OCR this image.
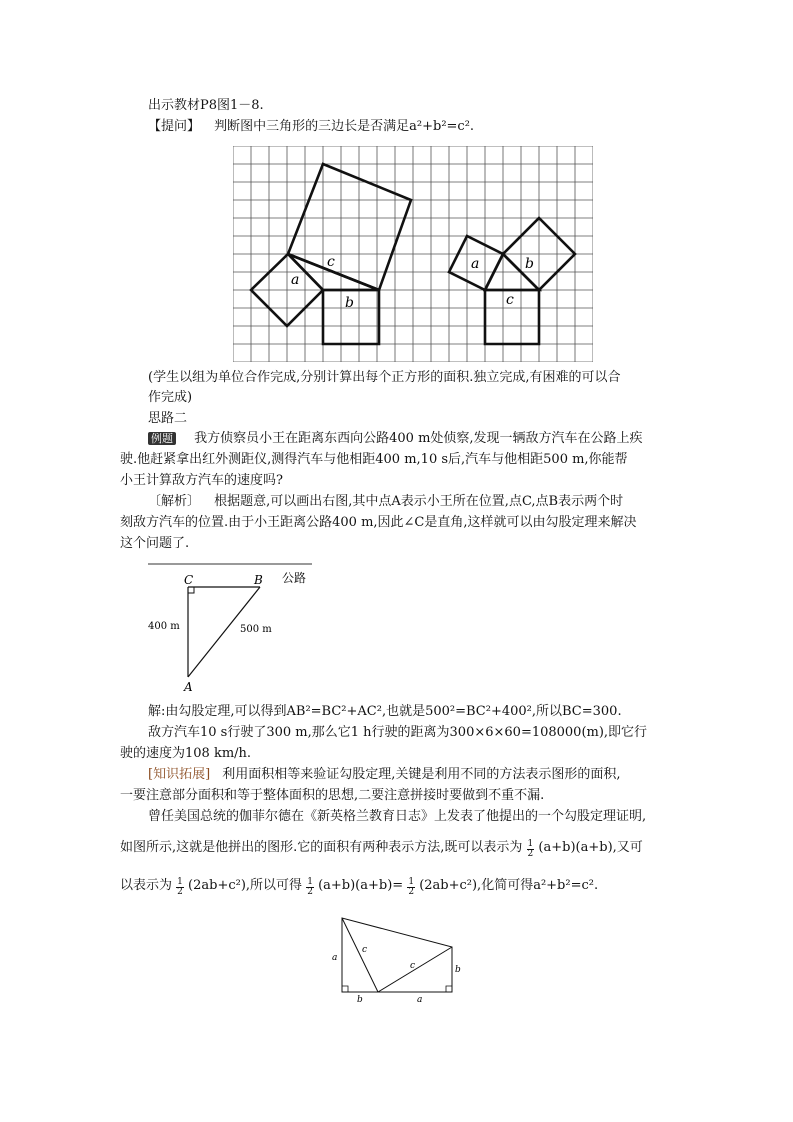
出示教材P8图1－8.
【提问】 判断图中三角形的三边长是否满足a²+b²=c².
a
b
c	a	b
c
(学生以组为单位合作完成,分别计算出每个正方形的面积.独立完成,有困难的可以合
作完成)
思路二
例题 我方侦察员小王在距离东西向公路400 m处侦察,发现一辆敌方汽车在公路上疾
驶.他赶紧拿出红外测距仪,测得汽车与他相距400 m,10 s后,汽车与他相距500 m,你能帮
小王计算敌方汽车的速度吗?
〔解析〕 根据题意,可以画出右图,其中点A表示小王所在位置,点C,点B表示两个时
刻敌方汽车的位置.由于小王距离公路400 m,因此∠C是直角,这样就可以由勾股定理来解决
这个问题了.
C	B 公路
400 m	500 m
A
解:由勾股定理,可以得到AB²=BC²+AC²,也就是500²=BC²+400²,所以BC=300.
敌方汽车10 s行驶了300 m,那么它1 h行驶的距离为300×6×60=108000(m),即它行
驶的速度为108 km/h.
[知识拓展] 利用面积相等来验证勾股定理,关键是利用不同的方法表示图形的面积,
一要注意部分面积和等于整体面积的思想,二要注意拼接时要做到不重不漏.
曾任美国总统的伽菲尔德在《新英格兰教育日志》上发表了他提出的一个勾股定理证明,
如图所示,这就是他拼出的图形.它的面积有两种表示方法,既可以表示为 $\frac{1}{2} (a+b)(a+b)$,又可
以表示为 $\frac{1}{2} (2ab+c^2)$,所以可得 $\frac{1}{2} (a+b)(a+b)= \frac{1}{2} (2ab+c^2)$,化简可得a²+b²=c².
a
c
c	b
b	a
